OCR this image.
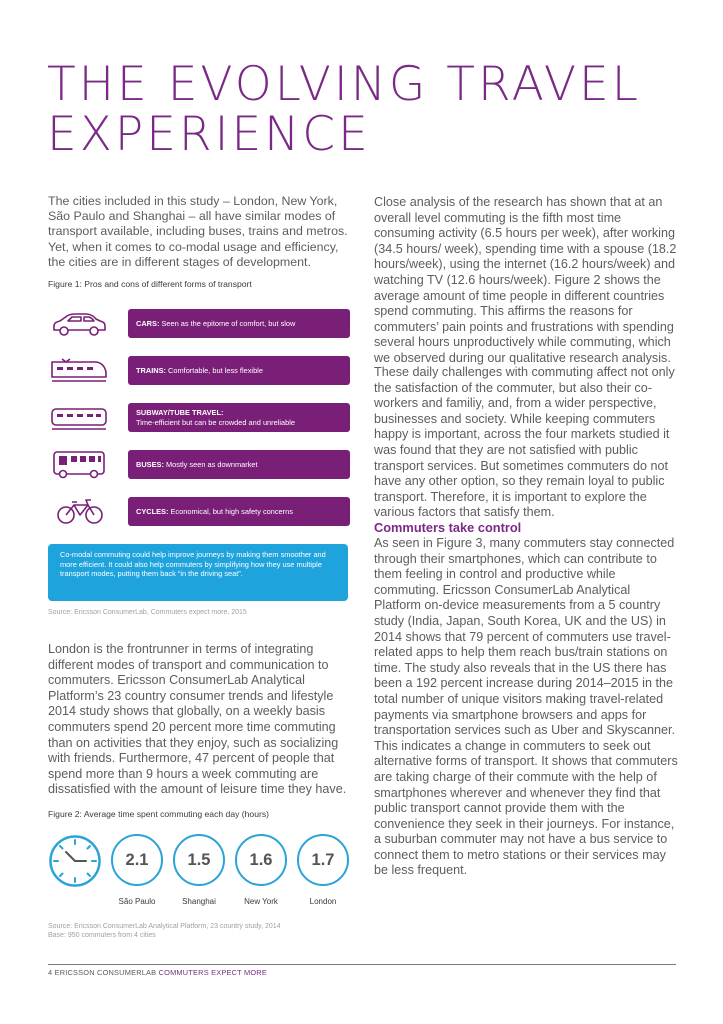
THE EVOLVING TRAVEL
EXPERIENCE

The cities included in this study – London, New York, São Paulo and Shanghai – all have similar modes of transport available, including buses, trains and metros. Yet, when it comes to co-modal usage and efficiency, the cities are in different stages of development.

Figure 1: Pros and cons of different forms of transport
CARS: Seen as the epitome of comfort, but slow
TRAINS: Comfortable, but less flexible
SUBWAY/TUBE TRAVEL:
Time-efficient but can be crowded and unreliable
BUSES: Mostly seen as downmarket
CYCLES: Economical, but high safety concerns
Co-modal commuting could help improve journeys by making them smoother and more efficient. It could also help commuters by simplifying how they use multiple transport modes, putting them back “in the driving seat”.
Source: Ericsson ConsumerLab, Commuters expect more, 2015

London is the frontrunner in terms of integrating different modes of transport and communication to commuters. Ericsson ConsumerLab Analytical Platform’s 23 country consumer trends and lifestyle 2014 study shows that globally, on a weekly basis commuters spend 20 percent more time commuting than on activities that they enjoy, such as socializing with friends. Furthermore, 47 percent of people that spend more than 9 hours a week commuting are dissatisfied with the amount of leisure time they have.

Figure 2: Average time spent commuting each day (hours)
2.1	1.5	1.6	1.7
São Paulo	Shanghai	New York	London
Source: Ericsson ConsumerLab Analytical Platform, 23 country study, 2014
Base: 950 commuters from 4 cities

Close analysis of the research has shown that at an overall level commuting is the fifth most time consuming activity (6.5 hours per week), after working (34.5 hours/ week), spending time with a spouse (18.2 hours/week), using the internet (16.2 hours/week) and watching TV (12.6 hours/week). Figure 2 shows the average amount of time people in different countries spend commuting. This affirms the reasons for commuters’ pain points and frustrations with spending several hours unproductively while commuting, which we observed during our qualitative research analysis.

These daily challenges with commuting affect not only the satisfaction of the commuter, but also their co-workers and familiy, and, from a wider perspective, businesses and society. While keeping commuters happy is important, across the four markets studied it was found that they are not satisfied with public transport services. But sometimes commuters do not have any other option, so they remain loyal to public transport. Therefore, it is important to explore the various factors that satisfy them.

Commuters take control

As seen in Figure 3, many commuters stay connected through their smartphones, which can contribute to them feeling in control and productive while commuting. Ericsson ConsumerLab Analytical Platform on-device measurements from a 5 country study (India, Japan, South Korea, UK and the US) in 2014 shows that 79 percent of commuters use travel-related apps to help them reach bus/train stations on time. The study also reveals that in the US there has been a 192 percent increase during 2014–2015 in the total number of unique visitors making travel-related payments via smartphone browsers and apps for transportation services such as Uber and Skyscanner. This indicates a change in commuters to seek out alternative forms of transport. It shows that commuters are taking charge of their commute with the help of smartphones wherever and whenever they find that public transport cannot provide them with the convenience they seek in their journeys. For instance, a suburban commuter may not have a bus service to connect them to metro stations or their services may be less frequent.

4 ERICSSON CONSUMERLAB COMMUTERS EXPECT MORE
